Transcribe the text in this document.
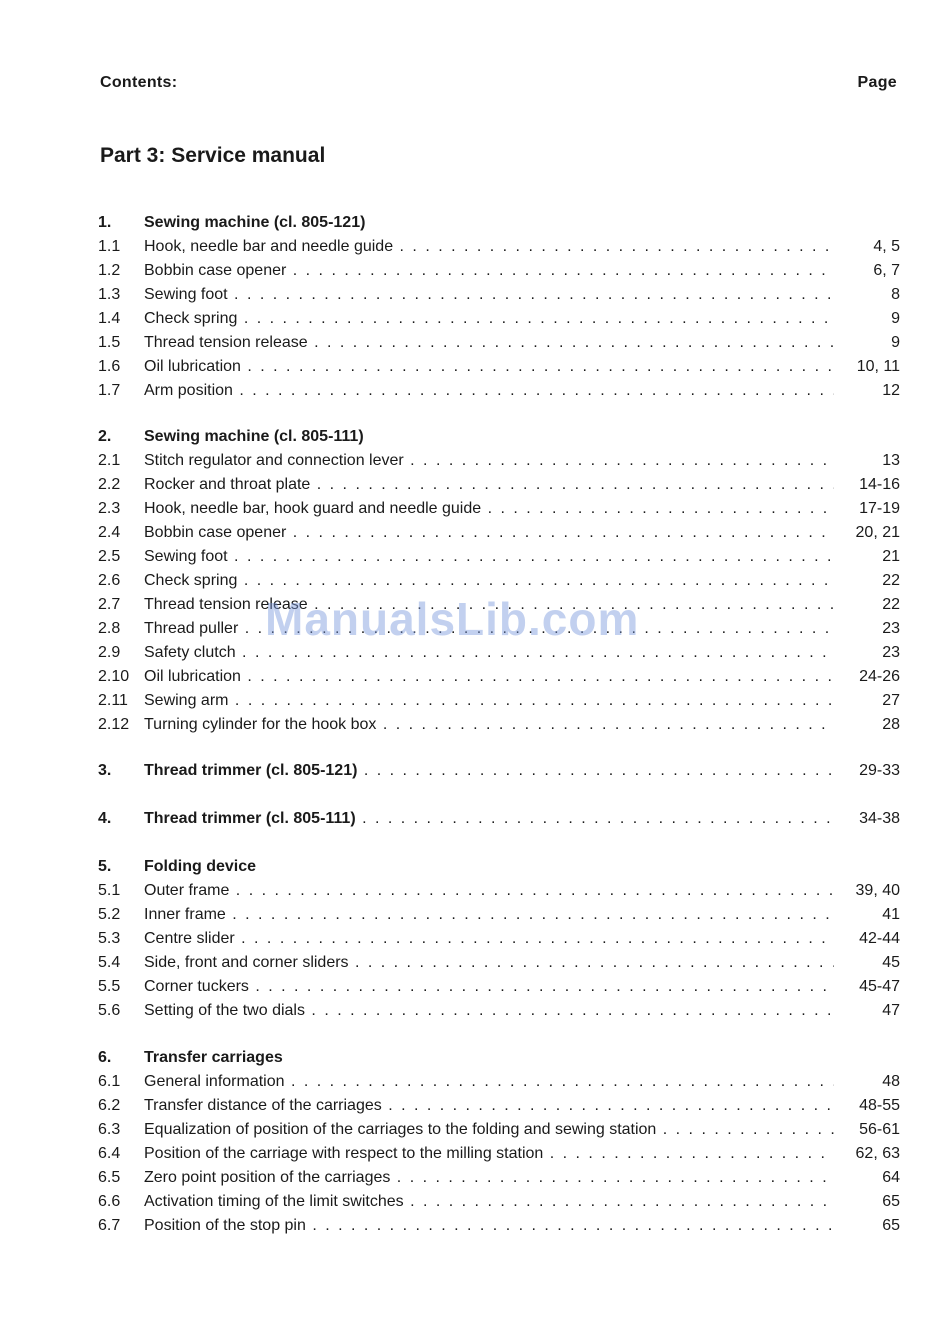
Contents:	Page
Part 3: Service manual
1.	Sewing machine (cl. 805-121)
1.1	Hook, needle bar and needle guide . . .	4, 5
1.2	Bobbin case opener . . .	6, 7
1.3	Sewing foot . . .	8
1.4	Check spring . . .	9
1.5	Thread tension release . . .	9
1.6	Oil lubrication . . .	10, 11
1.7	Arm position . . .	12
2.	Sewing machine (cl. 805-111)
2.1	Stitch regulator and connection lever . . .	13
2.2	Rocker and throat plate . . .	14-16
2.3	Hook, needle bar, hook guard and needle guide . . .	17-19
2.4	Bobbin case opener . . .	20, 21
2.5	Sewing foot . . .	21
2.6	Check spring . . .	22
2.7	Thread tension release . . .	22
2.8	Thread puller . . .	23
2.9	Safety clutch . . .	23
2.10 Oil lubrication . . .	24-26
2.11	Sewing arm . . .	27
2.12 Turning cylinder for the hook box . . .	28
3.	Thread trimmer (cl. 805-121) . . .	29-33
4.	Thread trimmer (cl. 805-111) . . .	34-38
5.	Folding device
5.1	Outer frame . . .	39, 40
5.2	Inner frame . . .	41
5.3	Centre slider . . .	42-44
5.4	Side, front and corner sliders . . .	45
5.5	Corner tuckers . . .	45-47
5.6	Setting of the two dials . . .	47
6.	Transfer carriages
6.1	General information . . .	48
6.2	Transfer distance of the carriages . . .	48-55
6.3	Equalization of position of the carriages to the folding and sewing station . . .	56-61
6.4	Position of the carriage with respect to the milling station . . .	62, 63
6.5	Zero point position of the carriages . . .	64
6.6	Activation timing of the limit switches . . .	65
6.7	Position of the stop pin . . .	65
ManualsLib.com
